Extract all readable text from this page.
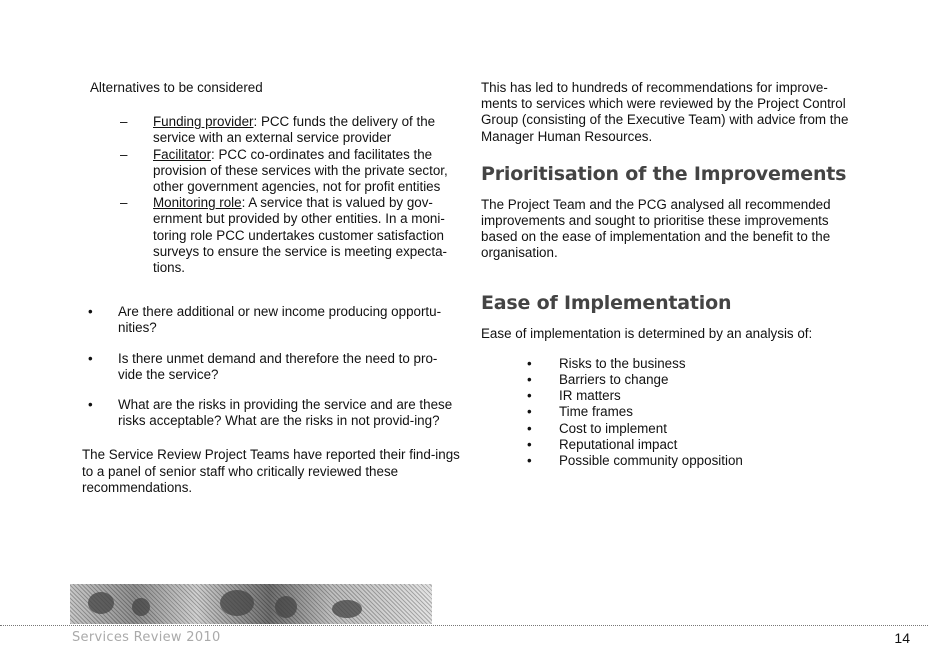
Alternatives to be considered

– Funding provider: PCC funds the delivery of the service with an external service provider
– Facilitator: PCC co-ordinates and facilitates the provision of these services with the private sector, other government agencies, not for profit entities
– Monitoring role: A service that is valued by gov-ernment but provided by other entities. In a moni-toring role PCC undertakes customer satisfaction surveys to ensure the service is meeting expecta-tions.
• Are there additional or new income producing opportu-nities?
• Is there unmet demand and therefore the need to pro-vide the service?
• What are the risks in providing the service and are these risks acceptable? What are the risks in not provid-ing?

The Service Review Project Teams have reported their find-ings to a panel of senior staff who critically reviewed these recommendations.

This has led to hundreds of recommendations for improve-ments to services which were reviewed by the Project Control Group (consisting of the Executive Team) with advice from the Manager Human Resources.

Prioritisation of the Improvements

The Project Team and the PCG analysed all recommended improvements and sought to prioritise these improvements based on the ease of implementation and the benefit to the organisation.

Ease of Implementation

Ease of implementation is determined by an analysis of:

• Risks to the business
• Barriers to change
• IR matters
• Time frames
• Cost to implement
• Reputational impact
• Possible community opposition
Services Review 2010	14
